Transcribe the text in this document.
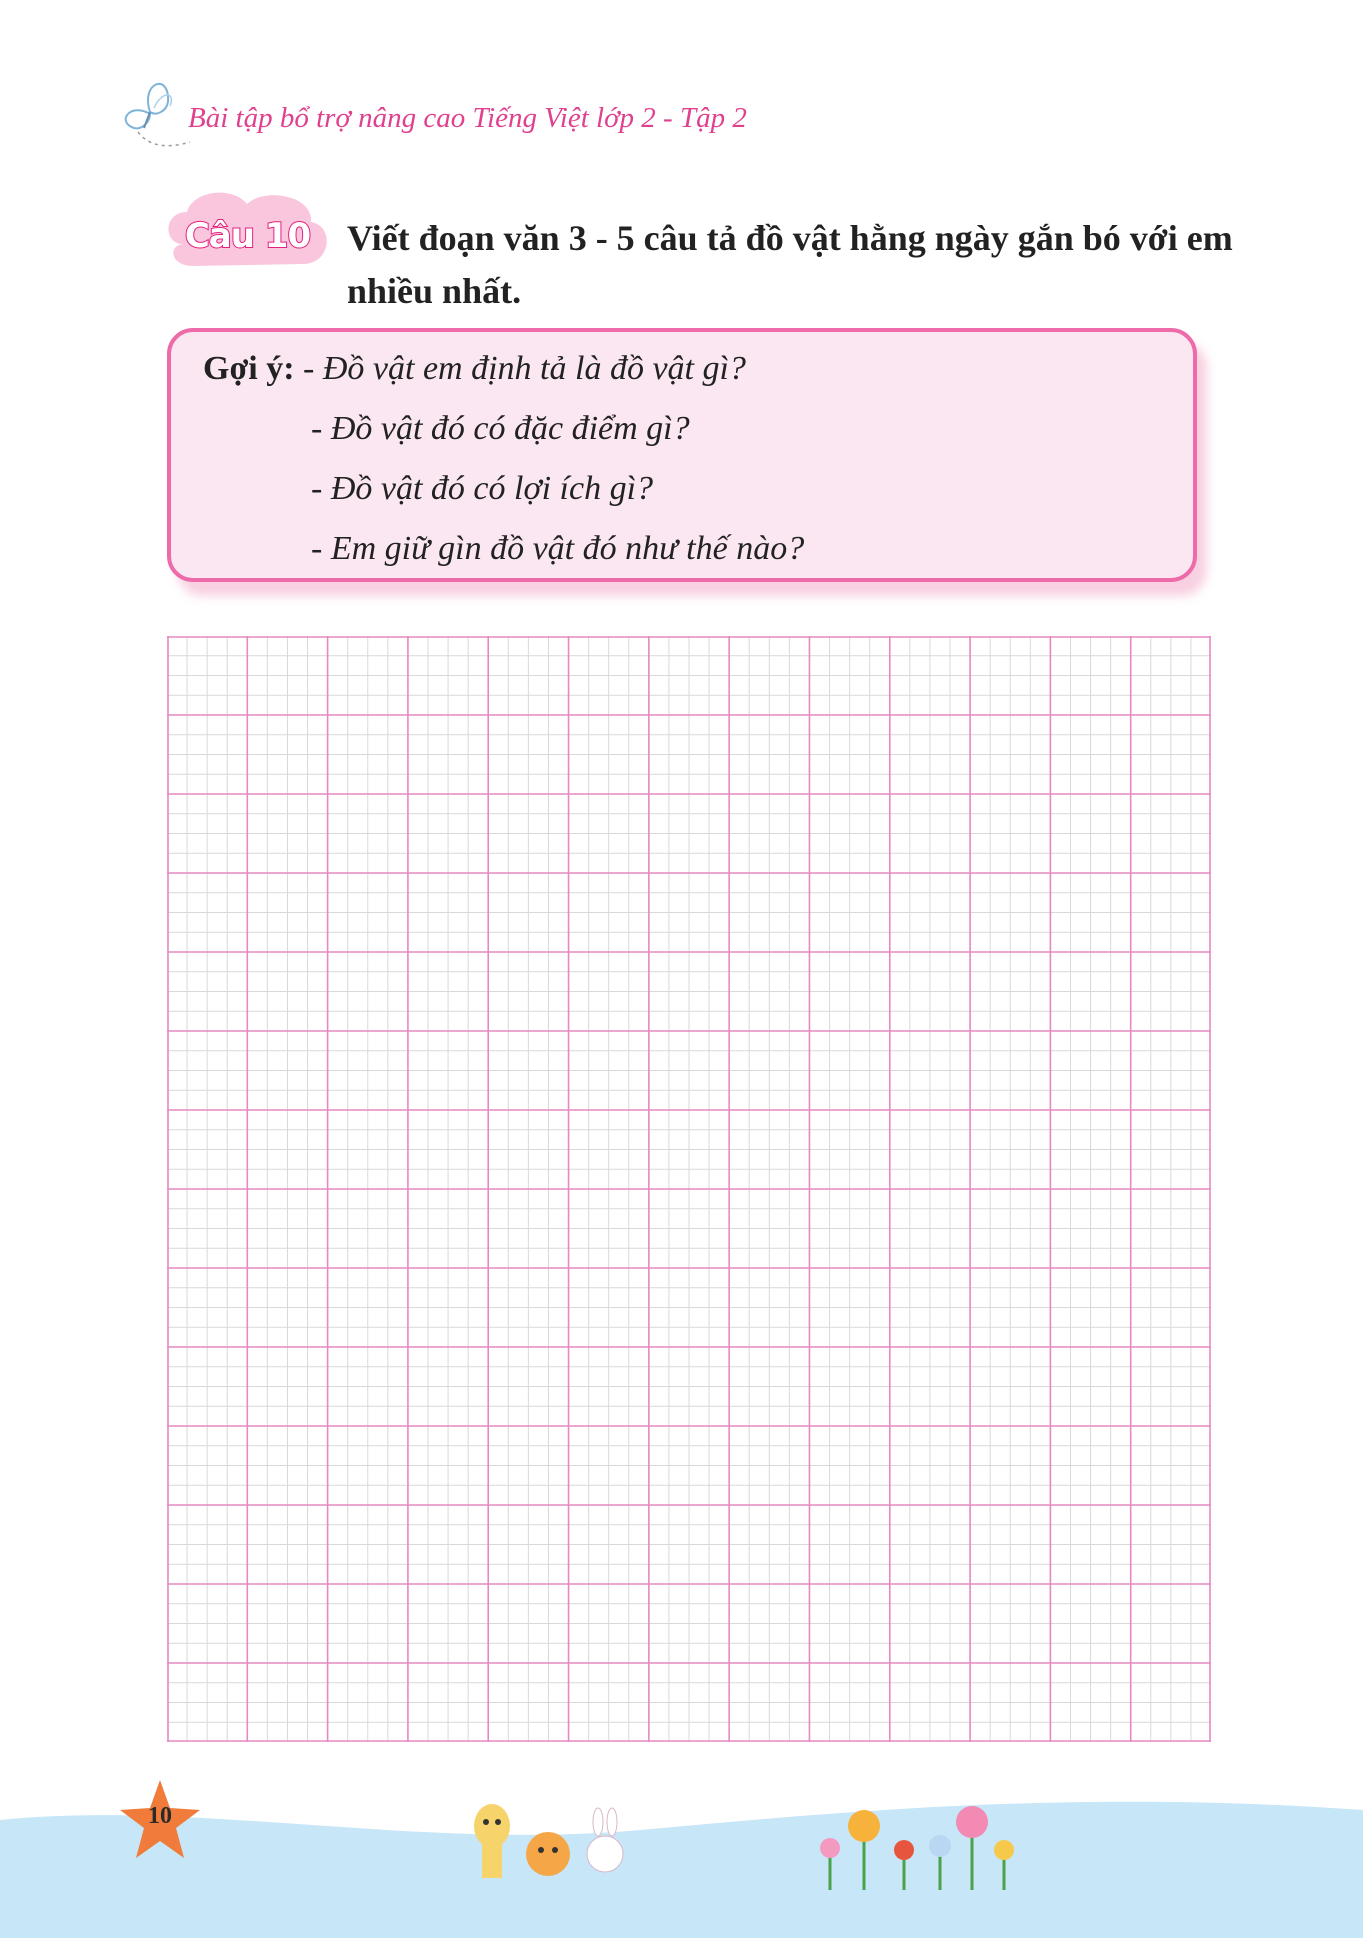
Bài tập bổ trợ nâng cao Tiếng Việt lớp 2 - Tập 2
Câu 10 Viết đoạn văn 3 - 5 câu tả đồ vật hằng ngày gắn bó với em nhiều nhất.
Gợi ý: - Đồ vật em định tả là đồ vật gì?
- Đồ vật đó có đặc điểm gì?
- Đồ vật đó có lợi ích gì?
- Em giữ gìn đồ vật đó như thế nào?
10
